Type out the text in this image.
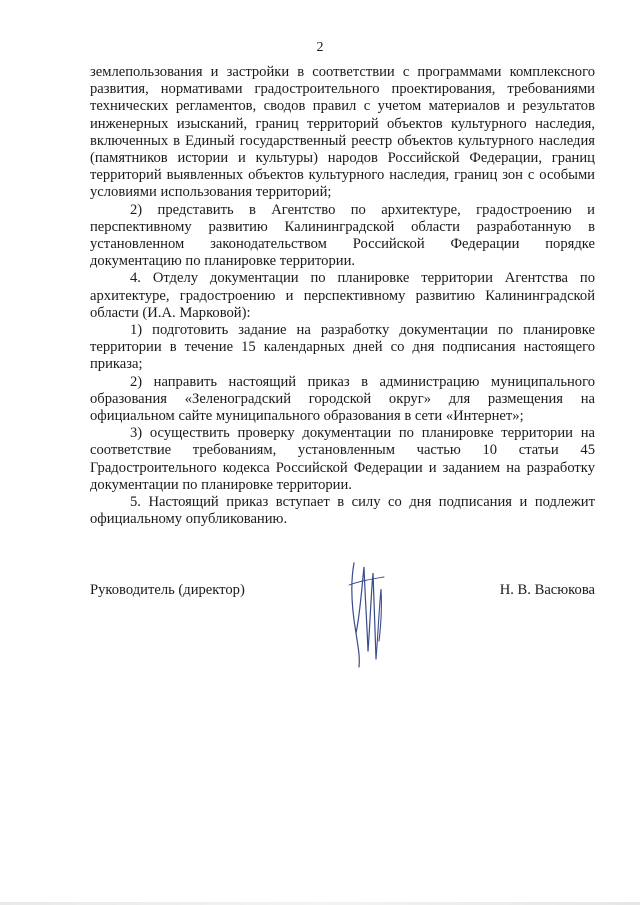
2

землепользования и застройки в соответствии с программами комплексного развития, нормативами градостроительного проектирования, требованиями технических регламентов, сводов правил с учетом материалов и результатов инженерных изысканий, границ территорий объектов культурного наследия, включенных в Единый государственный реестр объектов культурного наследия (памятников истории и культуры) народов Российской Федерации, границ территорий выявленных объектов культурного наследия, границ зон с особыми условиями использования территорий;

2) представить в Агентство по архитектуре, градостроению и перспективному развитию Калининградской области разработанную в установленном законодательством Российской Федерации порядке документацию по планировке территории.

4. Отделу документации по планировке территории Агентства по архитектуре, градостроению и перспективному развитию Калининградской области (И.А. Марковой):

1) подготовить задание на разработку документации по планировке территории в течение 15 календарных дней со дня подписания настоящего приказа;

2) направить настоящий приказ в администрацию муниципального образования «Зеленоградский городской округ» для размещения на официальном сайте муниципального образования в сети «Интернет»;

3) осуществить проверку документации по планировке территории на соответствие требованиям, установленным частью 10 статьи 45 Градостроительного кодекса Российской Федерации и заданием на разработку документации по планировке территории.

5. Настоящий приказ вступает в силу со дня подписания и подлежит официальному опубликованию.

Руководитель (директор)	Н. В. Васюкова
